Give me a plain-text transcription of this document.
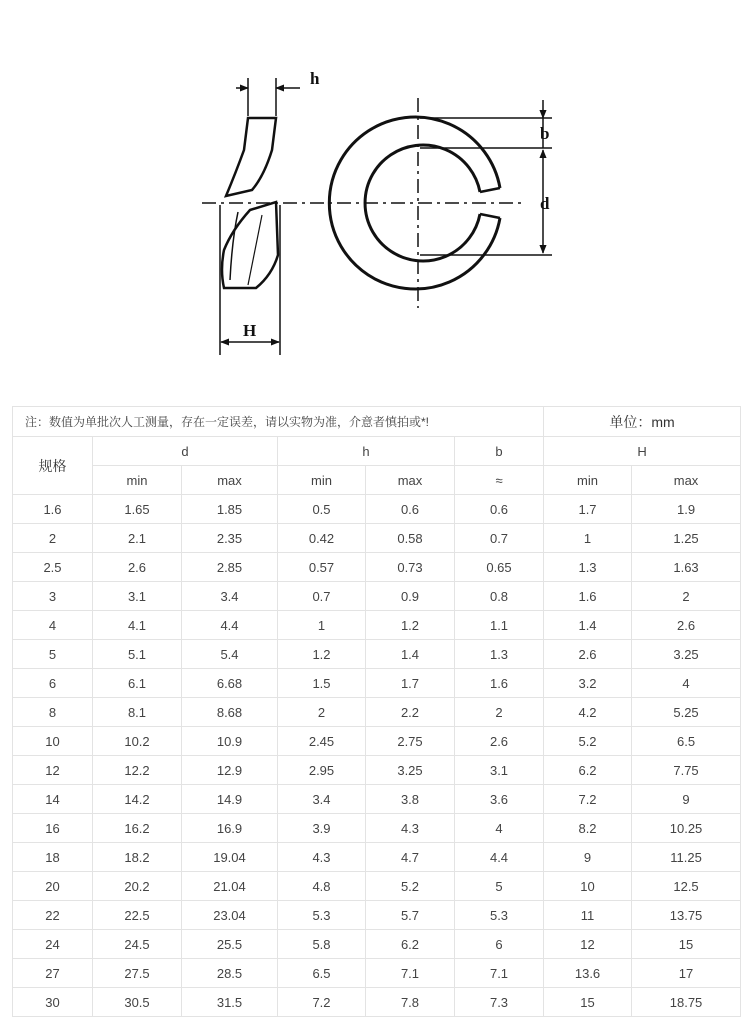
h
b
d
H
注：数值为单批次人工测量，存在一定误差，请以实物为准，介意者慎拍或*!						单位：mm	
规格	d		h		b	H	
	min	max	min	max	≈	min	max
1.6	1.65	1.85	0.5	0.6	0.6	1.7	1.9
2	2.1	2.35	0.42	0.58	0.7	1	1.25
2.5	2.6	2.85	0.57	0.73	0.65	1.3	1.63
3	3.1	3.4	0.7	0.9	0.8	1.6	2
4	4.1	4.4	1	1.2	1.1	1.4	2.6
5	5.1	5.4	1.2	1.4	1.3	2.6	3.25
6	6.1	6.68	1.5	1.7	1.6	3.2	4
8	8.1	8.68	2	2.2	2	4.2	5.25
10	10.2	10.9	2.45	2.75	2.6	5.2	6.5
12	12.2	12.9	2.95	3.25	3.1	6.2	7.75
14	14.2	14.9	3.4	3.8	3.6	7.2	9
16	16.2	16.9	3.9	4.3	4	8.2	10.25
18	18.2	19.04	4.3	4.7	4.4	9	11.25
20	20.2	21.04	4.8	5.2	5	10	12.5
22	22.5	23.04	5.3	5.7	5.3	11	13.75
24	24.5	25.5	5.8	6.2	6	12	15
27	27.5	28.5	6.5	7.1	7.1	13.6	17
30	30.5	31.5	7.2	7.8	7.3	15	18.75
